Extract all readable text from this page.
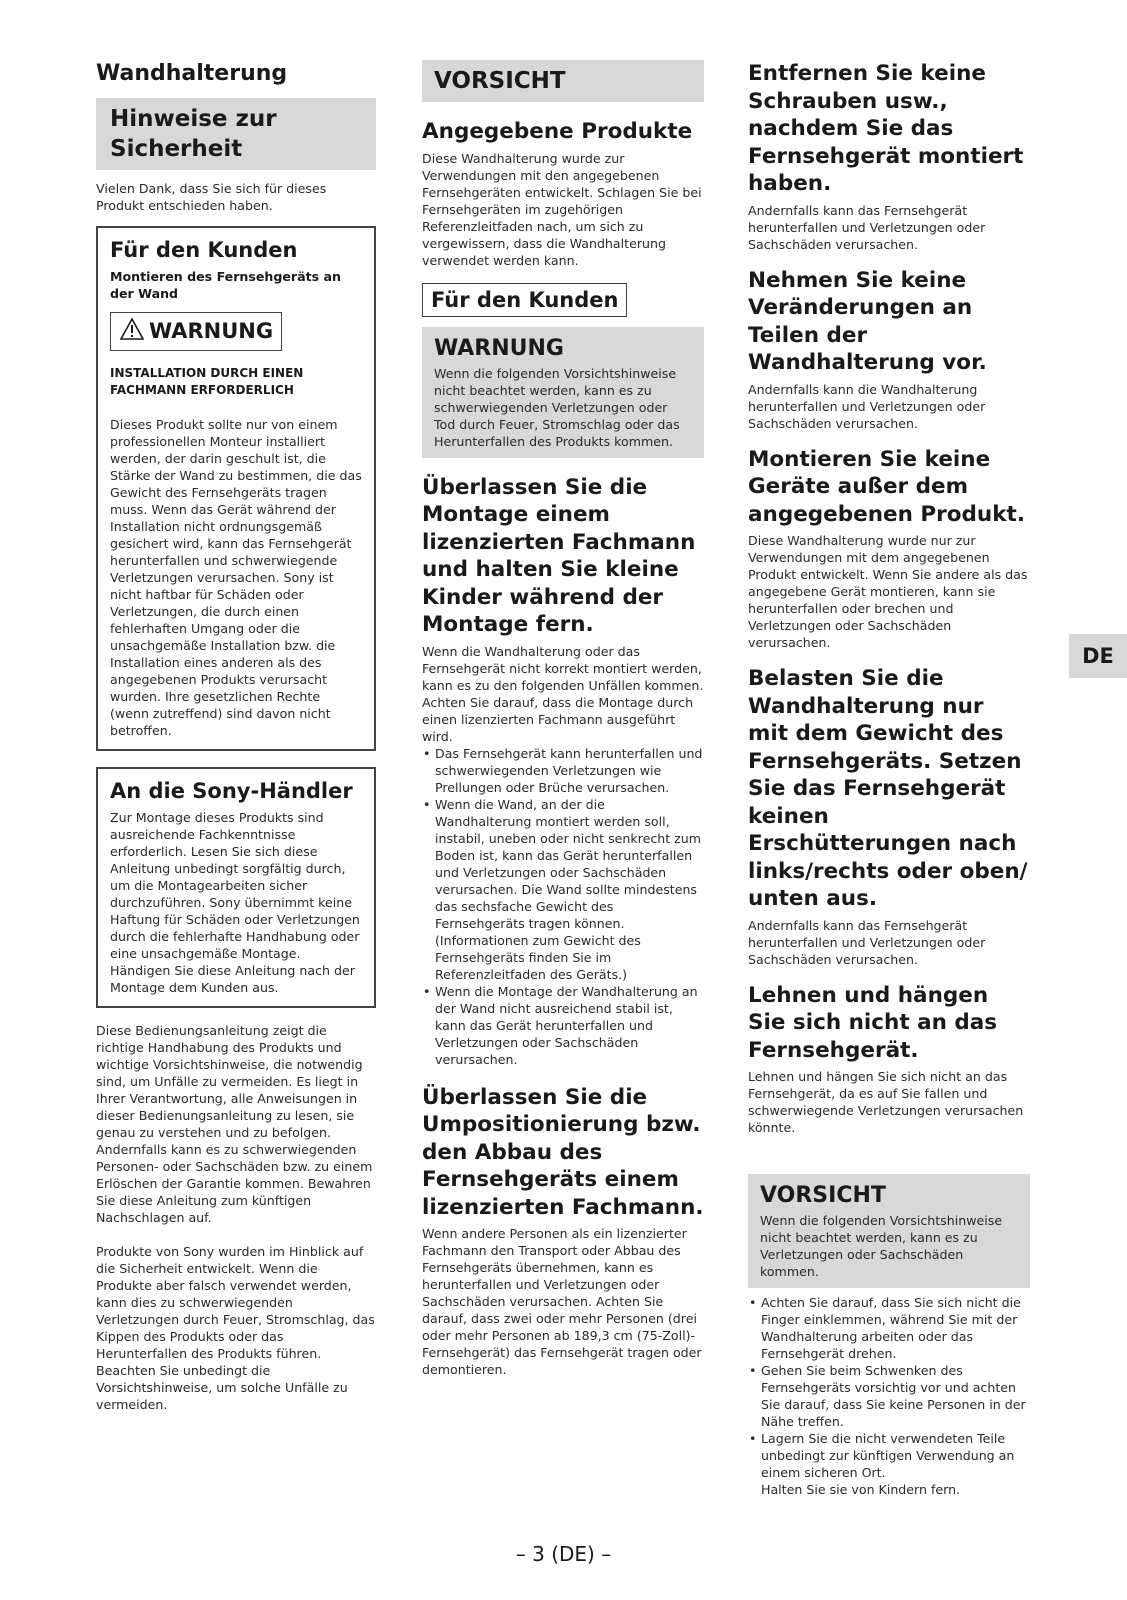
Wandhalterung
Hinweise zur Sicherheit

Vielen Dank, dass Sie sich für dieses Produkt entschieden haben.

Für den Kunden

Montieren des Fernsehgeräts an der Wand

WARNUNG

INSTALLATION DURCH EINEN FACHMANN ERFORDERLICH

Dieses Produkt sollte nur von einem professionellen Monteur installiert werden, der darin geschult ist, die Stärke der Wand zu bestimmen, die das Gewicht des Fernsehgeräts tragen muss. Wenn das Gerät während der Installation nicht ordnungsgemäß gesichert wird, kann das Fernsehgerät herunterfallen und schwerwiegende Verletzungen verursachen. Sony ist nicht haftbar für Schäden oder Verletzungen, die durch einen fehlerhaften Umgang oder die unsachgemäße Installation bzw. die Installation eines anderen als des angegebenen Produkts verursacht wurden. Ihre gesetzlichen Rechte (wenn zutreffend) sind davon nicht betroffen.

An die Sony-Händler

Zur Montage dieses Produkts sind ausreichende Fachkenntnisse erforderlich. Lesen Sie sich diese Anleitung unbedingt sorgfältig durch, um die Montagearbeiten sicher durchzuführen. Sony übernimmt keine Haftung für Schäden oder Verletzungen durch die fehlerhafte Handhabung oder eine unsachgemäße Montage. Händigen Sie diese Anleitung nach der Montage dem Kunden aus.

Diese Bedienungsanleitung zeigt die richtige Handhabung des Produkts und wichtige Vorsichtshinweise, die notwendig sind, um Unfälle zu vermeiden. Es liegt in Ihrer Verantwortung, alle Anweisungen in dieser Bedienungsanleitung zu lesen, sie genau zu verstehen und zu befolgen. Andernfalls kann es zu schwerwiegenden Personen- oder Sachschäden bzw. zu einem Erlöschen der Garantie kommen. Bewahren Sie diese Anleitung zum künftigen Nachschlagen auf.

Produkte von Sony wurden im Hinblick auf die Sicherheit entwickelt. Wenn die Produkte aber falsch verwendet werden, kann dies zu schwerwiegenden Verletzungen durch Feuer, Stromschlag, das Kippen des Produkts oder das Herunterfallen des Produkts führen. Beachten Sie unbedingt die Vorsichtshinweise, um solche Unfälle zu vermeiden.

VORSICHT
Angegebene Produkte

Diese Wandhalterung wurde zur Verwendungen mit den angegebenen Fernsehgeräten entwickelt. Schlagen Sie bei Fernsehgeräten im zugehörigen Referenzleitfaden nach, um sich zu vergewissern, dass die Wandhalterung verwendet werden kann.

Für den Kunden
WARNUNG

Wenn die folgenden Vorsichtshinweise nicht beachtet werden, kann es zu schwerwiegenden Verletzungen oder Tod durch Feuer, Stromschlag oder das Herunterfallen des Produkts kommen.

Überlassen Sie die Montage einem lizenzierten Fachmann und halten Sie kleine Kinder während der Montage fern.

Wenn die Wandhalterung oder das Fernsehgerät nicht korrekt montiert werden, kann es zu den folgenden Unfällen kommen. Achten Sie darauf, dass die Montage durch einen lizenzierten Fachmann ausgeführt wird.

• Das Fernsehgerät kann herunterfallen und schwerwiegenden Verletzungen wie Prellungen oder Brüche verursachen.
• Wenn die Wand, an der die Wandhalterung montiert werden soll, instabil, uneben oder nicht senkrecht zum Boden ist, kann das Gerät herunterfallen und Verletzungen oder Sachschäden verursachen. Die Wand sollte mindestens das sechsfache Gewicht des Fernsehgeräts tragen können. (Informationen zum Gewicht des Fernsehgeräts finden Sie im Referenzleitfaden des Geräts.)
• Wenn die Montage der Wandhalterung an der Wand nicht ausreichend stabil ist, kann das Gerät herunterfallen und Verletzungen oder Sachschäden verursachen.
Überlassen Sie die Umpositionierung bzw. den Abbau des Fernsehgeräts einem lizenzierten Fachmann.

Wenn andere Personen als ein lizenzierter Fachmann den Transport oder Abbau des Fernsehgeräts übernehmen, kann es herunterfallen und Verletzungen oder Sachschäden verursachen. Achten Sie darauf, dass zwei oder mehr Personen (drei oder mehr Personen ab 189,3 cm (75-Zoll)-Fernsehgerät) das Fernsehgerät tragen oder demontieren.

Entfernen Sie keine Schrauben usw., nachdem Sie das Fernsehgerät montiert haben.

Andernfalls kann das Fernsehgerät herunterfallen und Verletzungen oder Sachschäden verursachen.

Nehmen Sie keine Veränderungen an Teilen der Wandhalterung vor.

Andernfalls kann die Wandhalterung herunterfallen und Verletzungen oder Sachschäden verursachen.

Montieren Sie keine Geräte außer dem angegebenen Produkt.

Diese Wandhalterung wurde nur zur Verwendungen mit dem angegebenen Produkt entwickelt. Wenn Sie andere als das angegebene Gerät montieren, kann sie herunterfallen oder brechen und Verletzungen oder Sachschäden verursachen.

Belasten Sie die Wandhalterung nur mit dem Gewicht des Fernsehgeräts. Setzen Sie das Fernsehgerät keinen Erschütterungen nach links/rechts oder oben/ unten aus.

Andernfalls kann das Fernsehgerät herunterfallen und Verletzungen oder Sachschäden verursachen.

Lehnen und hängen Sie sich nicht an das Fernsehgerät.

Lehnen und hängen Sie sich nicht an das Fernsehgerät, da es auf Sie fallen und schwerwiegende Verletzungen verursachen könnte.

VORSICHT

Wenn die folgenden Vorsichtshinweise nicht beachtet werden, kann es zu Verletzungen oder Sachschäden kommen.

• Achten Sie darauf, dass Sie sich nicht die Finger einklemmen, während Sie mit der Wandhalterung arbeiten oder das Fernsehgerät drehen.
• Gehen Sie beim Schwenken des Fernsehgeräts vorsichtig vor und achten Sie darauf, dass Sie keine Personen in der Nähe treffen.
• Lagern Sie die nicht verwendeten Teile unbedingt zur künftigen Verwendung an einem sicheren Ort.
Halten Sie sie von Kindern fern.
DE
– 3 (DE) –
